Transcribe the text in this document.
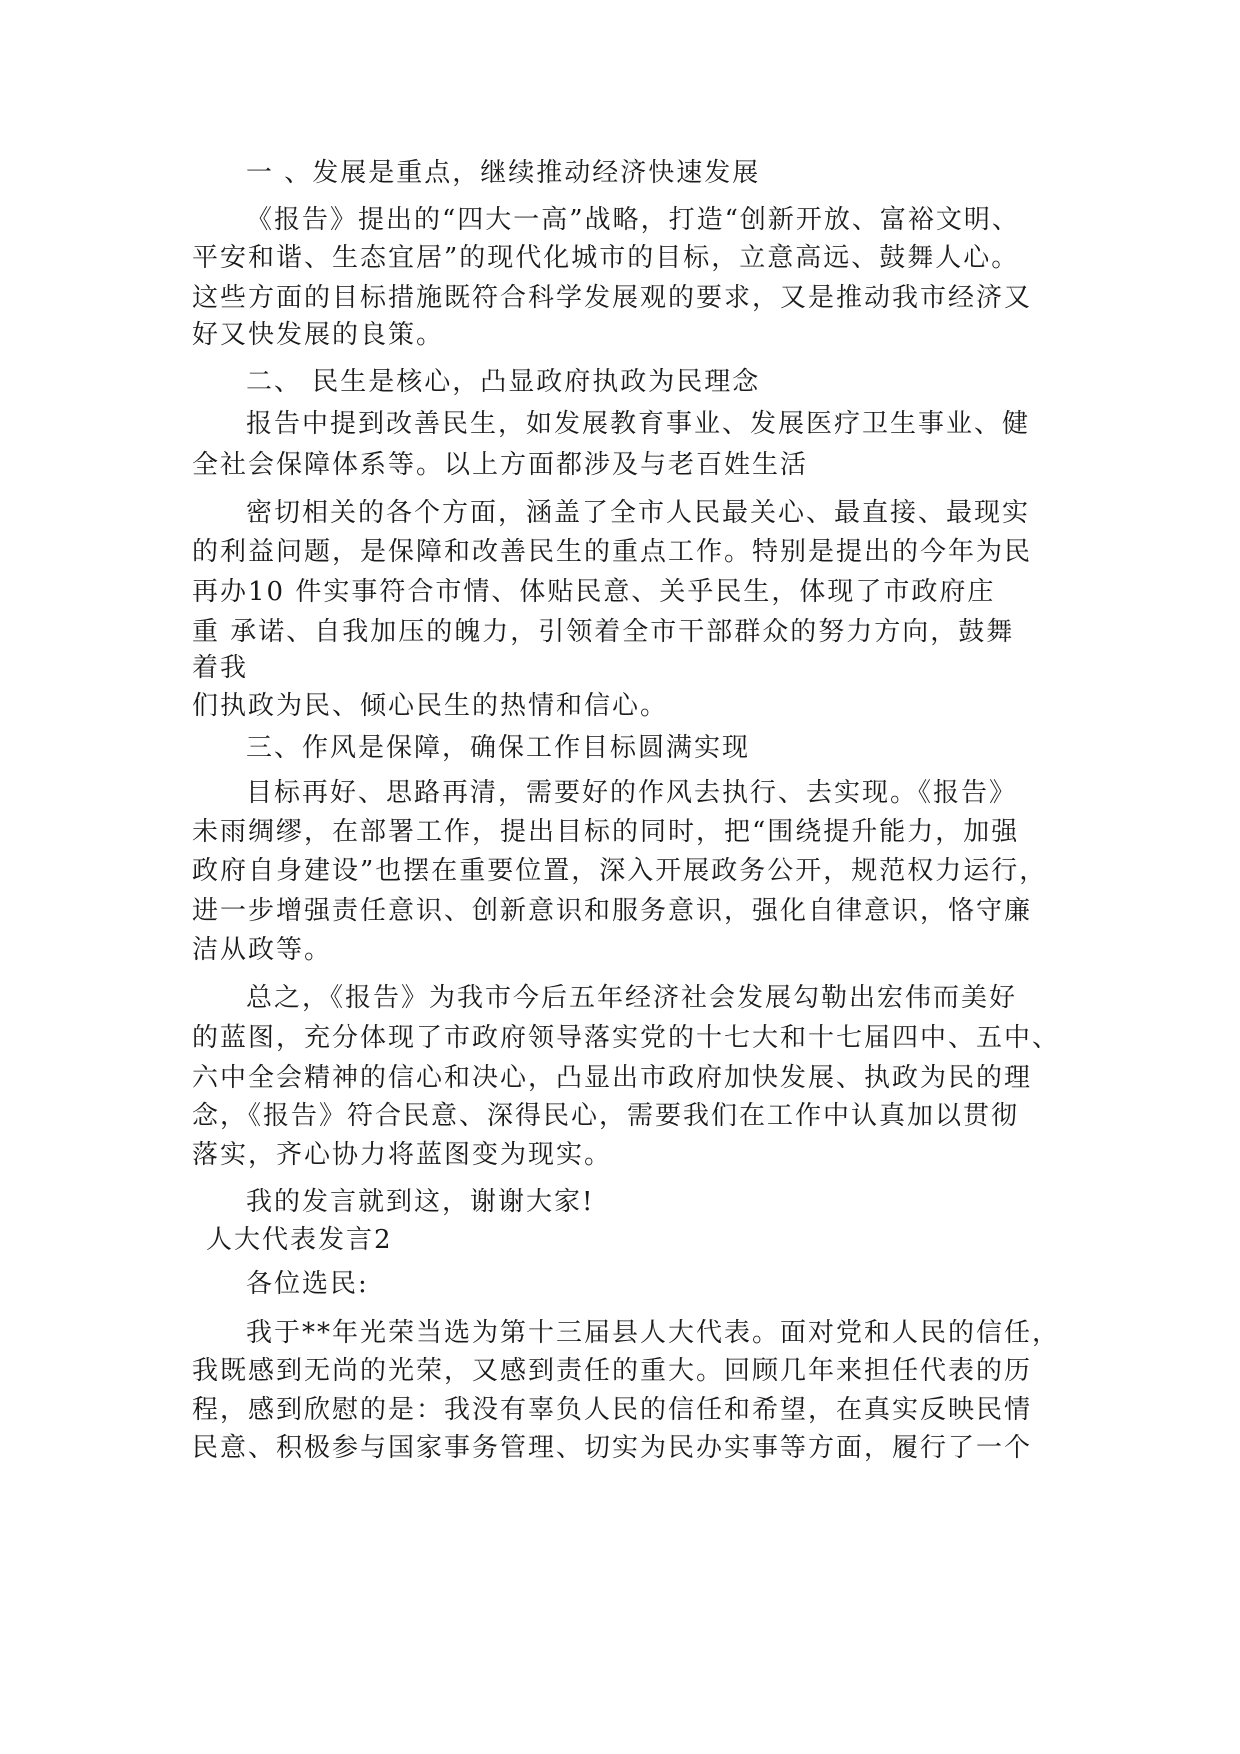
一 、发展是重点，继续推动经济快速发展

《报告》提出的“四大一高”战略，打造“创新开放、富裕文明、

平安和谐、生态宜居”的现代化城市的目标，立意高远、鼓舞人心。

这些方面的目标措施既符合科学发展观的要求，又是推动我市经济又

好又快发展的良策。

二、 民生是核心，凸显政府执政为民理念

报告中提到改善民生，如发展教育事业、发展医疗卫生事业、健

全社会保障体系等。以上方面都涉及与老百姓生活

密切相关的各个方面，涵盖了全市人民最关心、最直接、最现实

的利益问题，是保障和改善民生的重点工作。特别是提出的今年为民

再办10 件实事符合市情、体贴民意、关乎民生，体现了市政府庄

重 承诺、自我加压的魄力，引领着全市干部群众的努力方向，鼓舞

着我

们执政为民、倾心民生的热情和信心。

三、作风是保障，确保工作目标圆满实现

目标再好、思路再清，需要好的作风去执行、去实现。《报告》

未雨绸缪，在部署工作，提出目标的同时，把“围绕提升能力，加强

政府自身建设”也摆在重要位置，深入开展政务公开，规范权力运行，

进一步增强责任意识、创新意识和服务意识，强化自律意识，恪守廉

洁从政等。

总之，《报告》为我市今后五年经济社会发展勾勒出宏伟而美好

的蓝图，充分体现了市政府领导落实党的十七大和十七届四中、五中、

六中全会精神的信心和决心，凸显出市政府加快发展、执政为民的理

念，《报告》符合民意、深得民心，需要我们在工作中认真加以贯彻

落实，齐心协力将蓝图变为现实。

我的发言就到这，谢谢大家!

人大代表发言2

各位选民:

我于**年光荣当选为第十三届县人大代表。面对党和人民的信任，

我既感到无尚的光荣，又感到责任的重大。回顾几年来担任代表的历

程，感到欣慰的是：我没有辜负人民的信任和希望，在真实反映民情

民意、积极参与国家事务管理、切实为民办实事等方面，履行了一个
